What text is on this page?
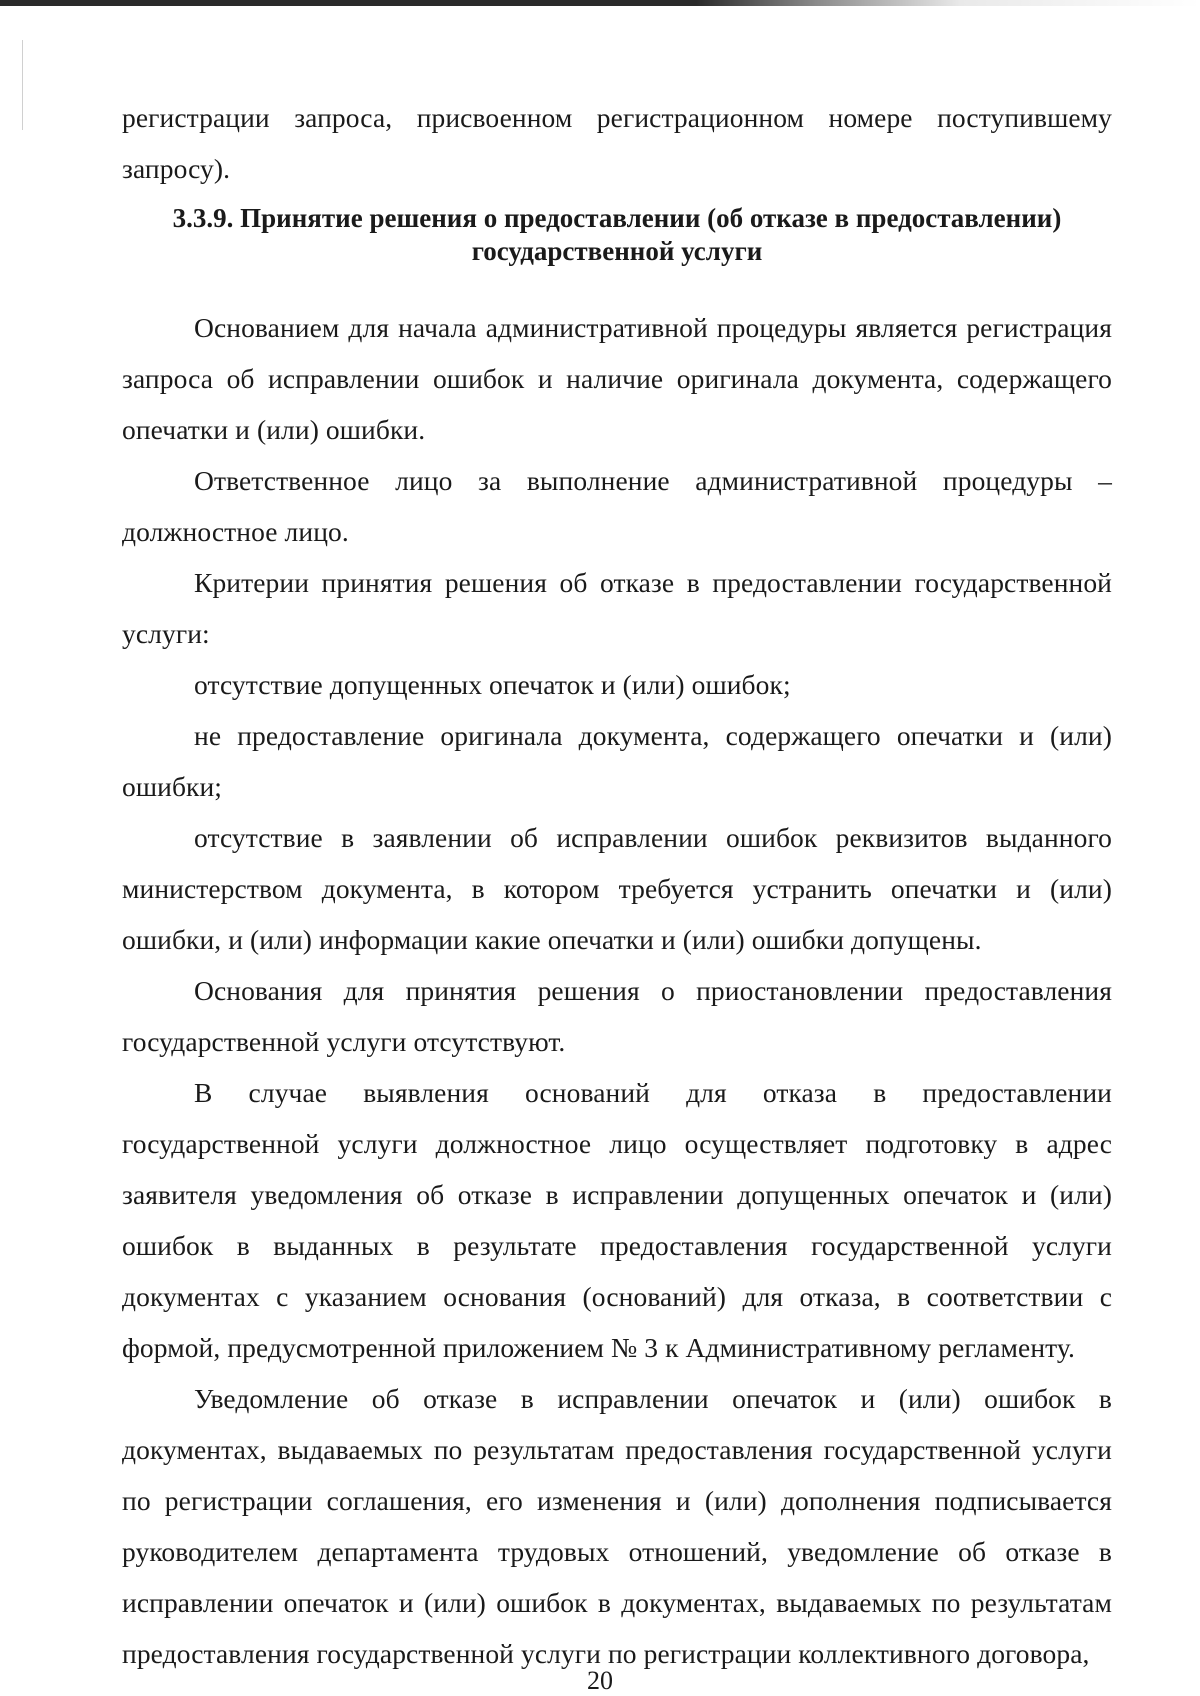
регистрации запроса, присвоенном регистрационном номере поступившему запросу).

3.3.9. Принятие решения о предоставлении (об отказе в предоставлении) государственной услуги

Основанием для начала административной процедуры является регистрация запроса об исправлении ошибок и наличие оригинала документа, содержащего опечатки и (или) ошибки.

Ответственное лицо за выполнение административной процедуры – должностное лицо.

Критерии принятия решения об отказе в предоставлении государственной услуги:

отсутствие допущенных опечаток и (или) ошибок;

не предоставление оригинала документа, содержащего опечатки и (или) ошибки;

отсутствие в заявлении об исправлении ошибок реквизитов выданного министерством документа, в котором требуется устранить опечатки и (или) ошибки, и (или) информации какие опечатки и (или) ошибки допущены.

Основания для принятия решения о приостановлении предоставления государственной услуги отсутствуют.

В случае выявления оснований для отказа в предоставлении государственной услуги должностное лицо осуществляет подготовку в адрес заявителя уведомления об отказе в исправлении допущенных опечаток и (или) ошибок в выданных в результате предоставления государственной услуги документах с указанием основания (оснований) для отказа, в соответствии с формой, предусмотренной приложением № 3 к Административному регламенту.

Уведомление об отказе в исправлении опечаток и (или) ошибок в документах, выдаваемых по результатам предоставления государственной услуги по регистрации соглашения, его изменения и (или) дополнения подписывается руководителем департамента трудовых отношений, уведомление об отказе в исправлении опечаток и (или) ошибок в документах, выдаваемых по результатам предоставления государственной услуги по регистрации коллективного договора,

20
